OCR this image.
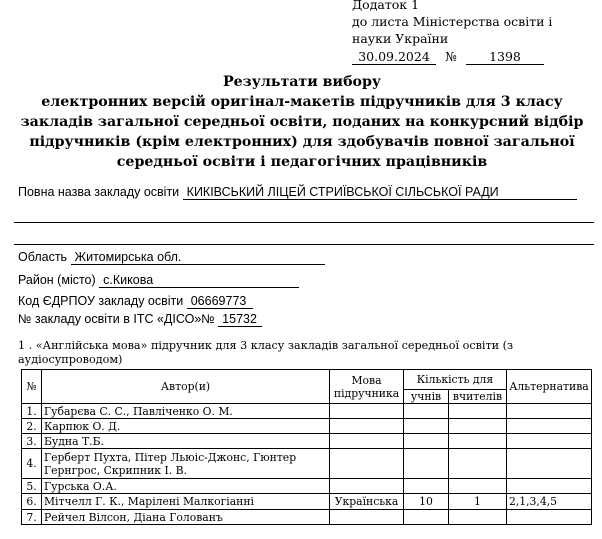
Додаток 1
до листа Міністерства освіти і
науки України
30.09.2024 №	1398
Результати вибору
електронних версій оригінал-макетів підручників для 3 класу
закладів загальної середньої освіти, поданих на конкурсний відбір
підручників (крім електронних) для здобувачів повної загальної
середньої освіти і педагогічних працівників
Повна назва закладу освіти КИКІВСЬКИЙ ЛІЦЕЙ СТРИЇВСЬКОЇ СІЛЬСЬКОЇ РАДИ
Область Житомирська обл.
Район (місто) с.Кикова
Код ЄДРПОУ закладу освіти 06669773
№ закладу освіти в ІТС «ДІСО»№ 15732
1 . «Англійська мова» підручник для 3 класу закладів загальної середньої освіти (з аудіосупроводом)
№	Автор(и)	Мова підручника	Кількість для		Альтернатива
			учнів	вчителів	
1.	Губарєва С. С., Павліченко О. М.				
2.	Карпюк О. Д.				
3.	Будна Т.Б.				
4.	Герберт Пухта, Пітер Льюіс-Джонс, Гюнтер Гернгрос, Скрипник І. В.				
5.	Гурська О.А.				
6.	Мітчелл Г. К., Марілені Малкогіанні	Українська	10	1	2,1,3,4,5
7.	Рейчел Вілсон, Діана Голованъ				
